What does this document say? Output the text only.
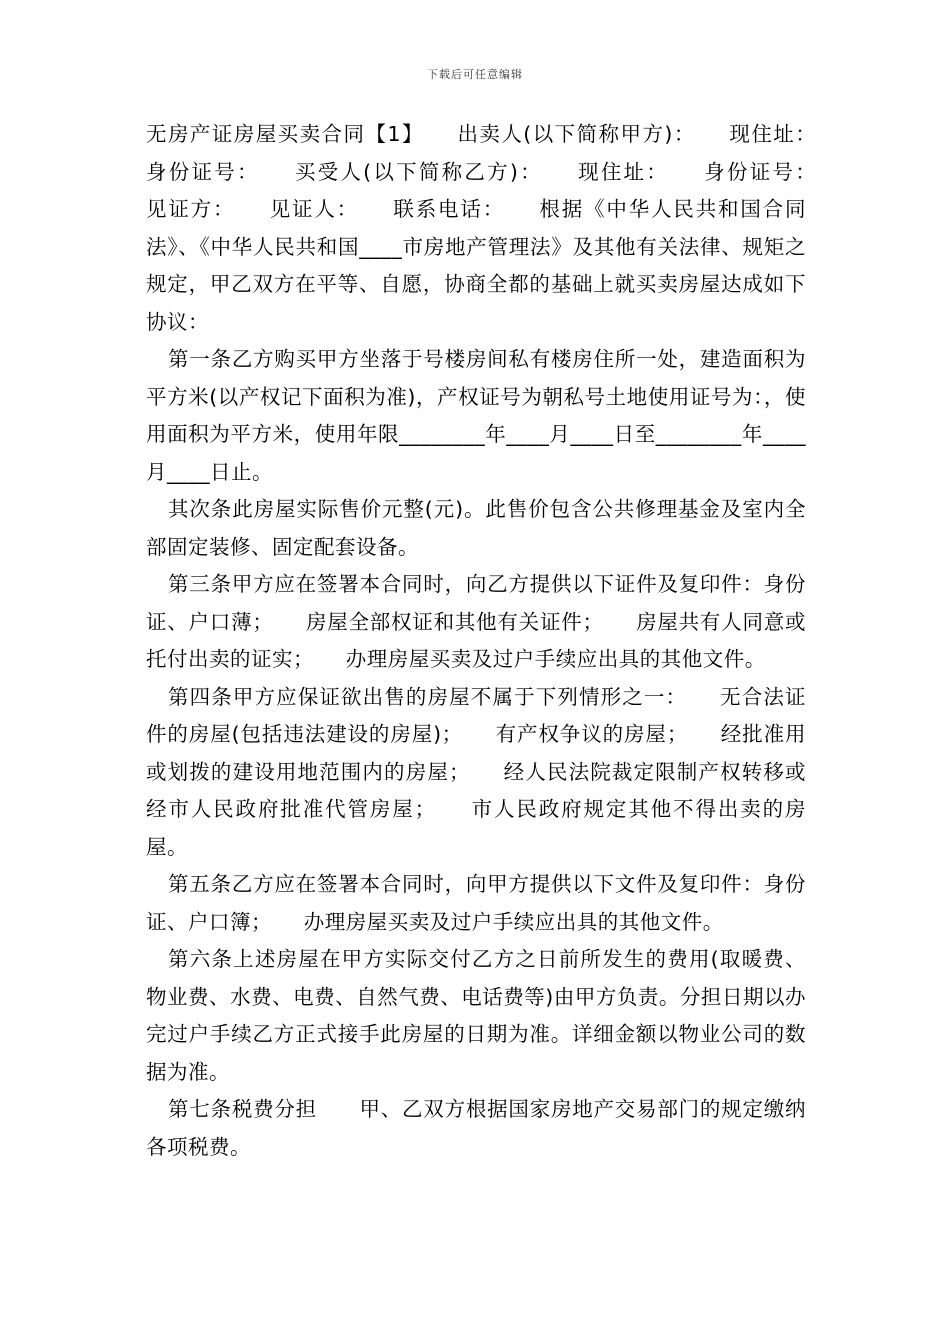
下载后可任意编辑

无房产证房屋买卖合同【1】　　出卖人(以下简称甲方)：　　现住址：　　身份证号：　　买受人(以下简称乙方)：　　现住址：　　身份证号：　　见证方：　　见证人：　　联系电话：　　根据《中华人民共和国合同法》、《中华人民共和国____市房地产管理法》及其他有关法律、规矩之规定，甲乙双方在平等、自愿，协商全都的基础上就买卖房屋达成如下协议：

第一条乙方购买甲方坐落于号楼房间私有楼房住所一处，建造面积为平方米(以产权记下面积为准)，产权证号为朝私号土地使用证号为：，使用面积为平方米，使用年限________年____月____日至________年____月____日止。

其次条此房屋实际售价元整(元)。此售价包含公共修理基金及室内全部固定装修、固定配套设备。

第三条甲方应在签署本合同时，向乙方提供以下证件及复印件：身份证、户口薄；　　房屋全部权证和其他有关证件；　　房屋共有人同意或托付出卖的证实；　　办理房屋买卖及过户手续应出具的其他文件。

第四条甲方应保证欲出售的房屋不属于下列情形之一：　　无合法证件的房屋(包括违法建设的房屋)；　　有产权争议的房屋；　　经批准用或划拨的建设用地范围内的房屋；　　经人民法院裁定限制产权转移或经市人民政府批准代管房屋；　　市人民政府规定其他不得出卖的房屋。

第五条乙方应在签署本合同时，向甲方提供以下文件及复印件：身份证、户口簿；　　办理房屋买卖及过户手续应出具的其他文件。

第六条上述房屋在甲方实际交付乙方之日前所发生的费用(取暖费、物业费、水费、电费、自然气费、电话费等)由甲方负责。分担日期以办完过户手续乙方正式接手此房屋的日期为准。详细金额以物业公司的数据为准。

第七条税费分担　　甲、乙双方根据国家房地产交易部门的规定缴纳各项税费。
